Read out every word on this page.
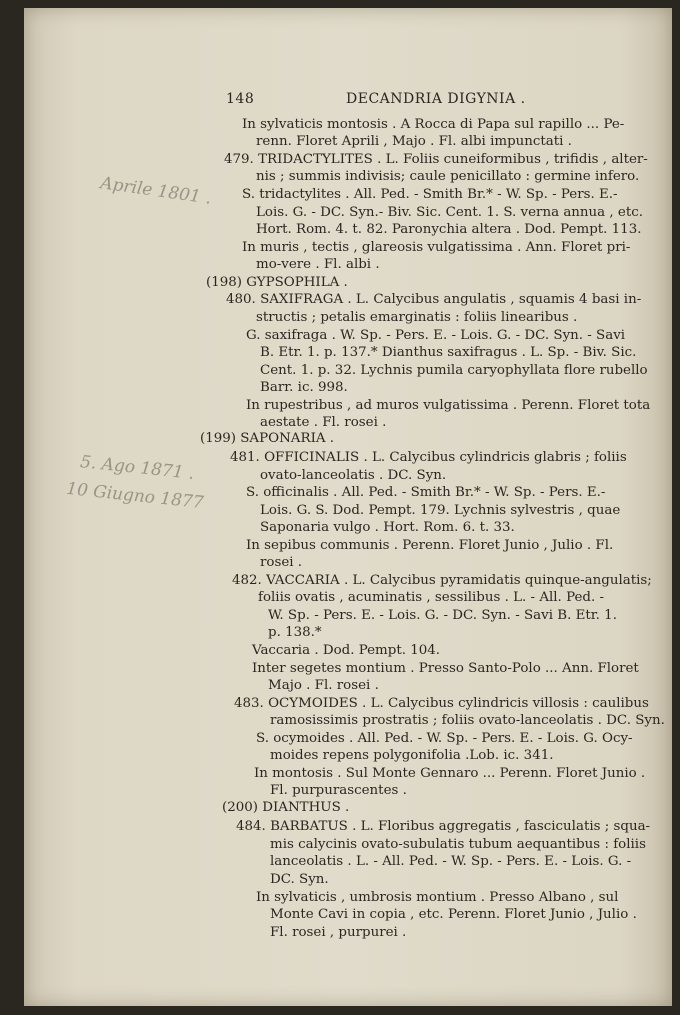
148	DECANDRIA DIGYNIA .
Aprile 1801 .
5. Ago 1871 .
10 Giugno 1877
In sylvaticis montosis . A Rocca di Papa sul rapillo ... Pe-
renn. Floret Aprili , Majo . Fl. albi impunctati .
479. TRIDACTYLITES . L. Foliis cuneiformibus , trifidis , alter-
nis ; summis indivisis; caule penicillato : germine infero.
S. tridactylites . All. Ped. - Smith Br.* - W. Sp. - Pers. E.-
Lois. G. - DC. Syn.- Biv. Sic. Cent. 1. S. verna annua , etc.
Hort. Rom. 4. t. 82. Paronychia altera . Dod. Pempt. 113.
In muris , tectis , glareosis vulgatissima . Ann. Floret pri-
mo-vere . Fl. albi .
(198) GYPSOPHILA .
480. SAXIFRAGA . L. Calycibus angulatis , squamis 4 basi in-
structis ; petalis emarginatis : foliis linearibus .
G. saxifraga . W. Sp. - Pers. E. - Lois. G. - DC. Syn. - Savi
B. Etr. 1. p. 137.* Dianthus saxifragus . L. Sp. - Biv. Sic.
Cent. 1. p. 32. Lychnis pumila caryophyllata flore rubello
Barr. ic. 998.
In rupestribus , ad muros vulgatissima . Perenn. Floret tota
aestate . Fl. rosei .
(199) SAPONARIA .
481. OFFICINALIS . L. Calycibus cylindricis glabris ; foliis
ovato-lanceolatis . DC. Syn.
S. officinalis . All. Ped. - Smith Br.* - W. Sp. - Pers. E.-
Lois. G. S. Dod. Pempt. 179. Lychnis sylvestris , quae
Saponaria vulgo . Hort. Rom. 6. t. 33.
In sepibus communis . Perenn. Floret Junio , Julio . Fl.
rosei .
482. VACCARIA . L. Calycibus pyramidatis quinque-angulatis;
foliis ovatis , acuminatis , sessilibus . L. - All. Ped. -
W. Sp. - Pers. E. - Lois. G. - DC. Syn. - Savi B. Etr. 1.
p. 138.*
Vaccaria . Dod. Pempt. 104.
Inter segetes montium . Presso Santo-Polo ... Ann. Floret
Majo . Fl. rosei .
483. OCYMOIDES . L. Calycibus cylindricis villosis : caulibus
ramosissimis prostratis ; foliis ovato-lanceolatis . DC. Syn.
S. ocymoides . All. Ped. - W. Sp. - Pers. E. - Lois. G. Ocy-
moides repens polygonifolia .Lob. ic. 341.
In montosis . Sul Monte Gennaro ... Perenn. Floret Junio .
Fl. purpurascentes .
(200) DIANTHUS .
484. BARBATUS . L. Floribus aggregatis , fasciculatis ; squa-
mis calycinis ovato-subulatis tubum aequantibus : foliis
lanceolatis . L. - All. Ped. - W. Sp. - Pers. E. - Lois. G. -
DC. Syn.
In sylvaticis , umbrosis montium . Presso Albano , sul
Monte Cavi in copia , etc. Perenn. Floret Junio , Julio .
Fl. rosei , purpurei .
